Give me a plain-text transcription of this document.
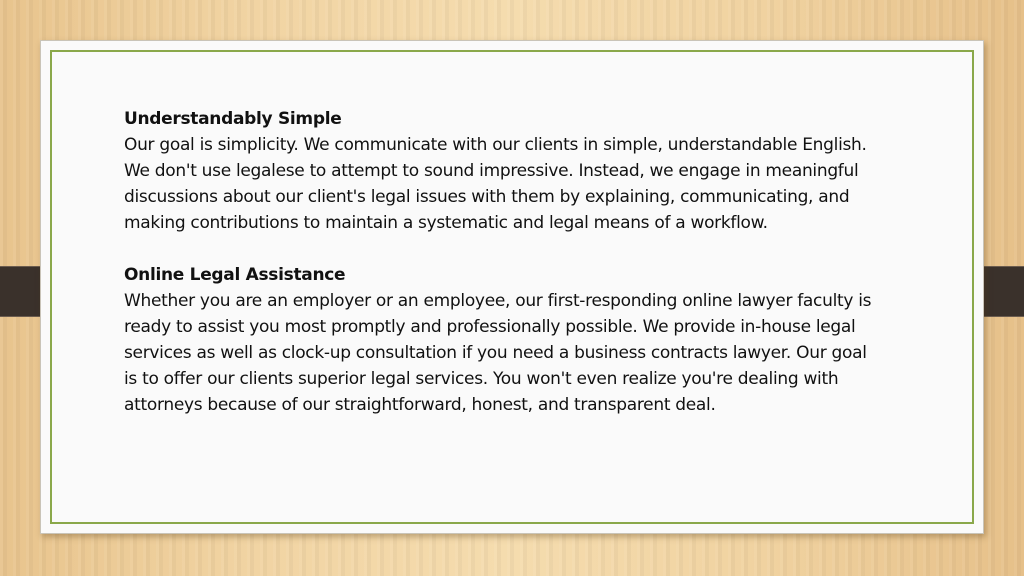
Understandably Simple

Our goal is simplicity. We communicate with our clients in simple, understandable English. We don't use legalese to attempt to sound impressive. Instead, we engage in meaningful discussions about our client's legal issues with them by explaining, communicating, and making contributions to maintain a systematic and legal means of a workflow.

Online Legal Assistance

Whether you are an employer or an employee, our first-responding online lawyer faculty is ready to assist you most promptly and professionally possible. We provide in-house legal services as well as clock-up consultation if you need a business contracts lawyer. Our goal is to offer our clients superior legal services. You won't even realize you're dealing with attorneys because of our straightforward, honest, and transparent deal.
